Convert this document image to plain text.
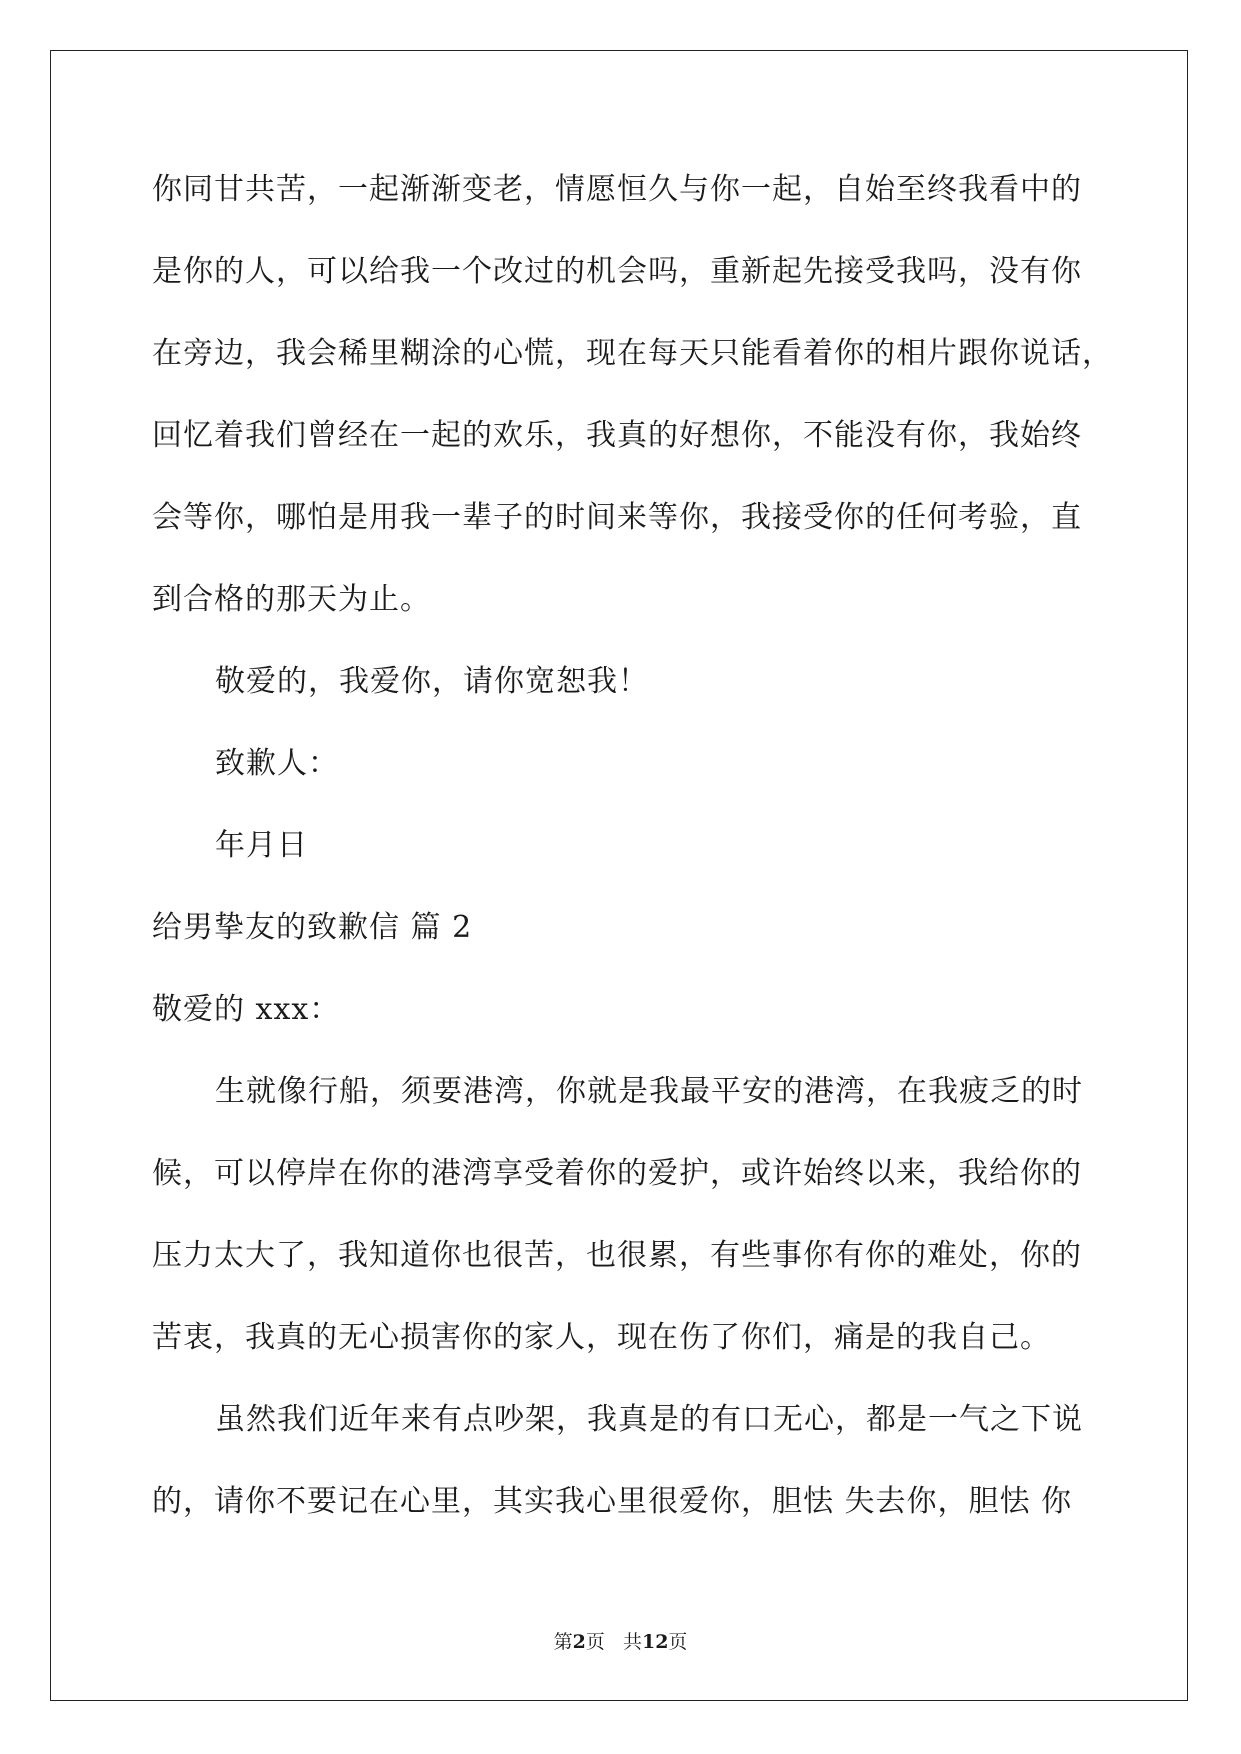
你同甘共苦，一起渐渐变老，情愿恒久与你一起，自始至终我看中的
是你的人，可以给我一个改过的机会吗，重新起先接受我吗，没有你
在旁边，我会稀里糊涂的心慌，现在每天只能看着你的相片跟你说话，
回忆着我们曾经在一起的欢乐，我真的好想你，不能没有你，我始终
会等你，哪怕是用我一辈子的时间来等你，我接受你的任何考验，直
到合格的那天为止。
敬爱的，我爱你，请你宽恕我！
致歉人：
年月日
给男挚友的致歉信 篇 2
敬爱的 xxx：
生就像行船，须要港湾，你就是我最平安的港湾，在我疲乏的时
候，可以停岸在你的港湾享受着你的爱护，或许始终以来，我给你的
压力太大了，我知道你也很苦，也很累，有些事你有你的难处，你的
苦衷，我真的无心损害你的家人，现在伤了你们，痛是的我自己。
虽然我们近年来有点吵架，我真是的有口无心，都是一气之下说
的，请你不要记在心里，其实我心里很爱你，胆怯 失去你，胆怯 你
第2页 共12页
